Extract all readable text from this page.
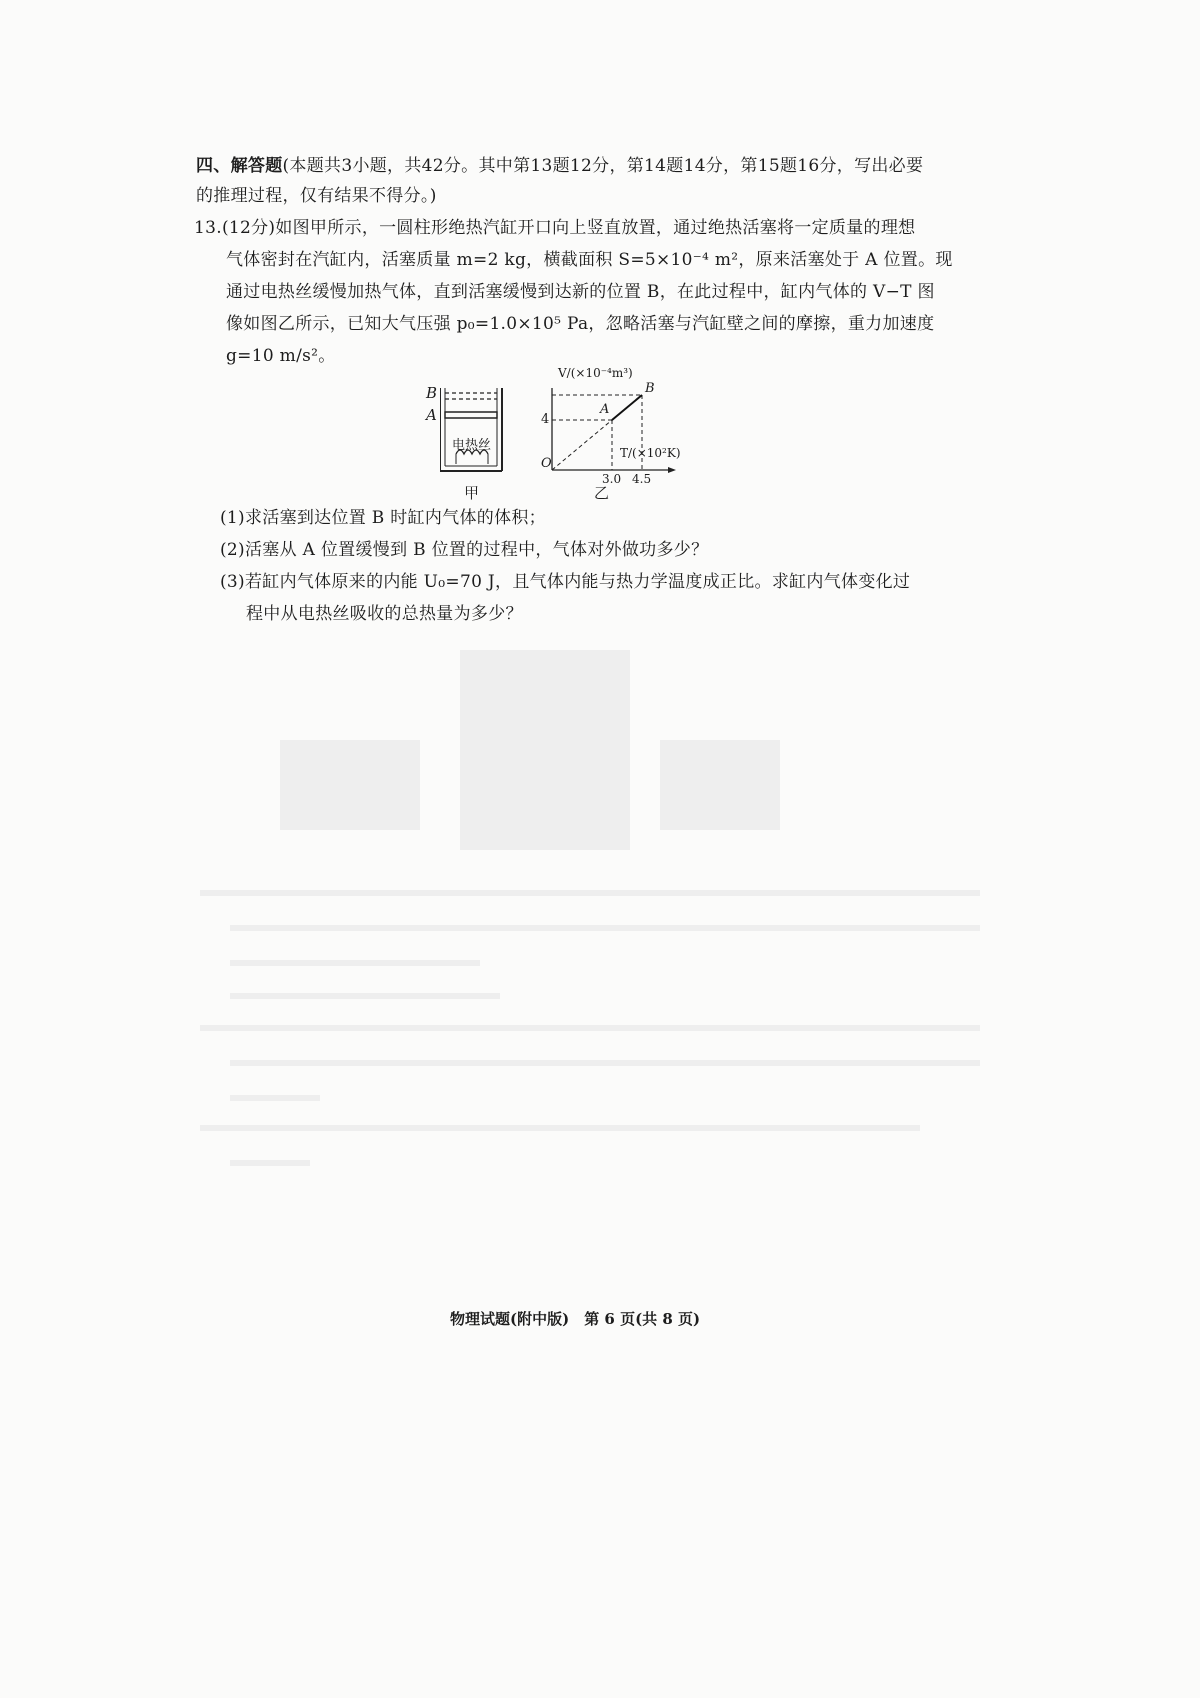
四、解答题(本题共3小题，共42分。其中第13题12分，第14题14分，第15题16分，写出必要
的推理过程，仅有结果不得分。)
13.(12分)如图甲所示，一圆柱形绝热汽缸开口向上竖直放置，通过绝热活塞将一定质量的理想
气体密封在汽缸内，活塞质量 m=2 kg，横截面积 S=5×10⁻⁴ m²，原来活塞处于 A 位置。现
通过电热丝缓慢加热气体，直到活塞缓慢到达新的位置 B，在此过程中，缸内气体的 V−T 图
像如图乙所示，已知大气压强 p₀=1.0×10⁵ Pa，忽略活塞与汽缸壁之间的摩擦，重力加速度
g=10 m/s²。
B
A
电热丝
甲
V/(×10⁻⁴m³)
T/(×10²K)
O
4
3.0 4.5
A
B
乙
(1)求活塞到达位置 B 时缸内气体的体积；
(2)活塞从 A 位置缓慢到 B 位置的过程中，气体对外做功多少？
(3)若缸内气体原来的内能 U₀=70 J，且气体内能与热力学温度成正比。求缸内气体变化过
程中从电热丝吸收的总热量为多少？
物理试题(附中版)　第 6 页(共 8 页)
